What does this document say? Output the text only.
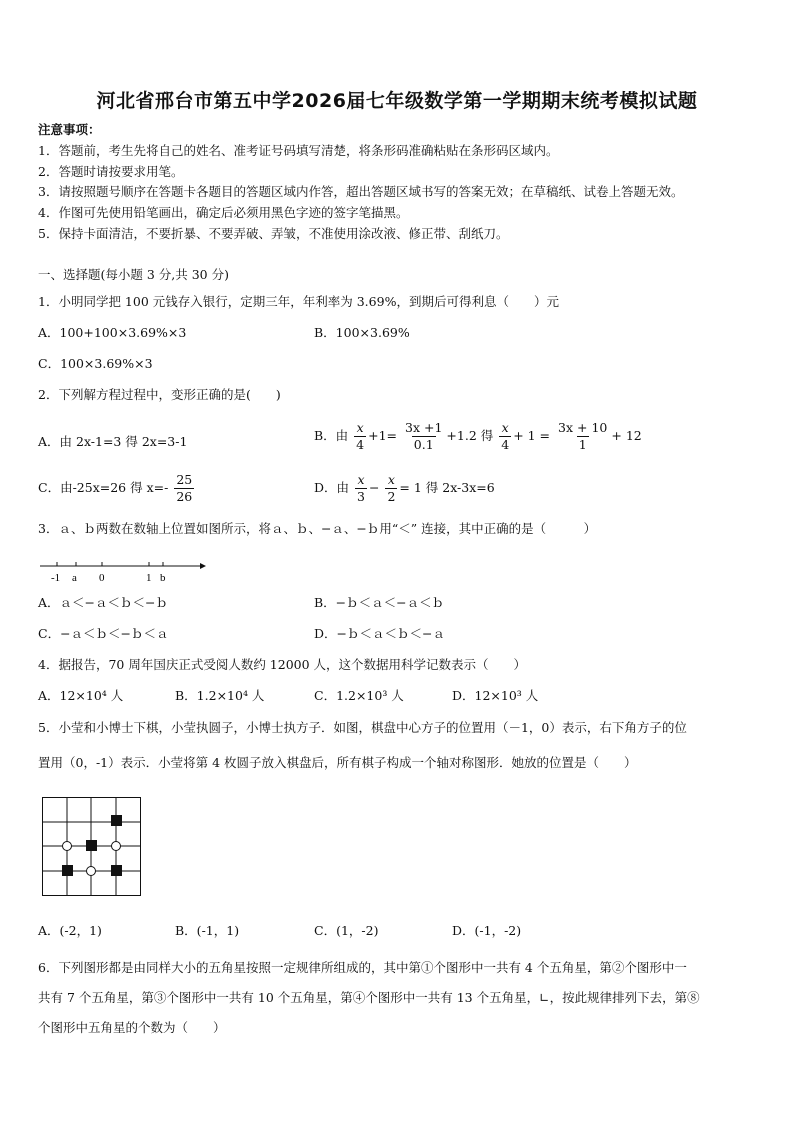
河北省邢台市第五中学2026届七年级数学第一学期期末统考模拟试题
注意事项：
1．答题前，考生先将自己的姓名、准考证号码填写清楚，将条形码准确粘贴在条形码区域内。
2．答题时请按要求用笔。
3．请按照题号顺序在答题卡各题目的答题区域内作答，超出答题区域书写的答案无效；在草稿纸、试卷上答题无效。
4．作图可先使用铅笔画出，确定后必须用黑色字迹的签字笔描黑。
5．保持卡面清洁，不要折暴、不要弄破、弄皱，不准使用涂改液、修正带、刮纸刀。
一、选择题(每小题 3 分,共 30 分)
1．小明同学把 100 元钱存入银行，定期三年，年利率为 3.69%，到期后可得利息（　　）元
A．100+100×3.69%×3	B．100×3.69%
C．100×3.69%×3
2．下列解方程过程中，变形正确的是(　　)
A．由 2x-1=3 得 2x=3-1	B．由 $\frac{x}{4} +1= \frac{3x +1}{0.1} +1.2$ 得 $\frac{x}{4} + 1 = \frac{3x + 10}{1} + 12$
C．由-25x=26 得 $x=- \frac{25}{26}$	D．由 $\frac{x}{3} - \frac{x}{2} = 1$ 得 2x-3x=6
3．ａ、ｂ两数在数轴上位置如图所示，将ａ、ｂ、−ａ、−ｂ用“＜” 连接，其中正确的是（　　　）
-1 a 0	1 b
A．ａ＜−ａ＜ｂ＜−ｂ	B．−ｂ＜ａ＜−ａ＜ｂ
C．−ａ＜ｂ＜−ｂ＜ａ	D．−ｂ＜ａ＜ｂ＜−ａ
4．据报告，70 周年国庆正式受阅人数约 12000 人，这个数据用科学记数表示（　　）
A．12×10⁴ 人	B．1.2×10⁴ 人	C．1.2×10³ 人	D．12×10³ 人
5．小莹和小博士下棋，小莹执圆子，小博士执方子．如图，棋盘中心方子的位置用（－1，0）表示，右下角方子的位
置用（0，-1）表示．小莹将第 4 枚圆子放入棋盘后，所有棋子构成一个轴对称图形．她放的位置是（　　）
A．(-2，1)	B．(-1，1)	C．(1，-2)	D．(-1，-2)
6．下列图形都是由同样大小的五角星按照一定规律所组成的，其中第①个图形中一共有 4 个五角星，第②个图形中一
共有 7 个五角星，第③个图形中一共有 10 个五角星，第④个图形中一共有 13 个五角星，∟，按此规律排列下去，第⑧
个图形中五角星的个数为（　　）
